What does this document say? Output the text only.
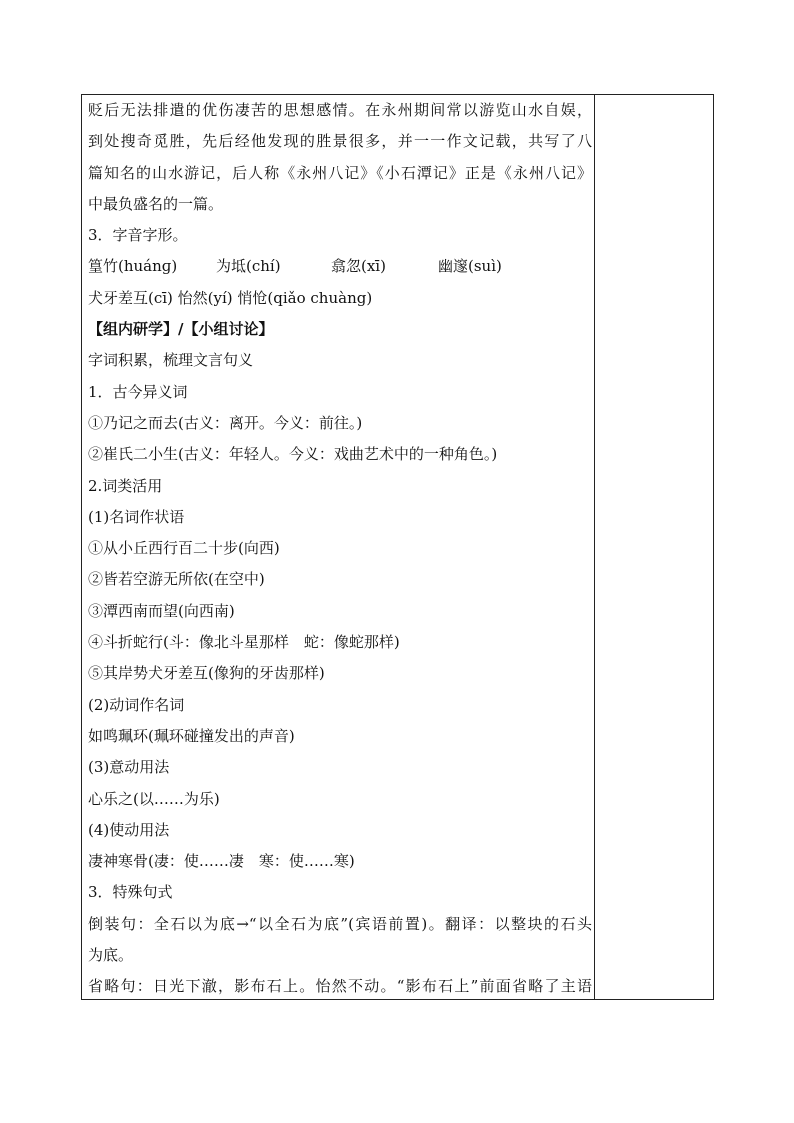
贬后无法排遣的优伤凄苦的思想感情。在永州期间常以游览山水自娱，
到处搜奇觅胜，先后经他发现的胜景很多，并一一作文记载，共写了八
篇知名的山水游记，后人称《永州八记》《小石潭记》正是《永州八记》
中最负盛名的一篇。
3．字音字形。
篁竹(huánɡ)	为坻(chí)	翕忽(xī)	幽邃(suì)
犬牙差互(cī) 怡然(yí) 悄怆(qiǎo chuàng)
【组内研学】/【小组讨论】
字词积累，梳理文言句义
1．古今异义词
①乃记之而去(古义：离开。今义：前往。)
②崔氏二小生(古义：年轻人。今义：戏曲艺术中的一种角色。)
2.词类活用
(1)名词作状语
①从小丘西行百二十步(向西)
②皆若空游无所依(在空中)
③潭西南而望(向西南)
④斗折蛇行(斗：像北斗星那样　蛇：像蛇那样)
⑤其岸势犬牙差互(像狗的牙齿那样)
(2)动词作名词
如鸣珮环(珮环碰撞发出的声音)
(3)意动用法
心乐之(以……为乐)
(4)使动用法
凄神寒骨(凄：使……凄　寒：使……寒)
3．特殊句式
倒装句：全石以为底→“以全石为底”(宾语前置)。翻译：以整块的石头
为底。
省略句：日光下澈，影布石上。怡然不动。“影布石上”前面省略了主语
